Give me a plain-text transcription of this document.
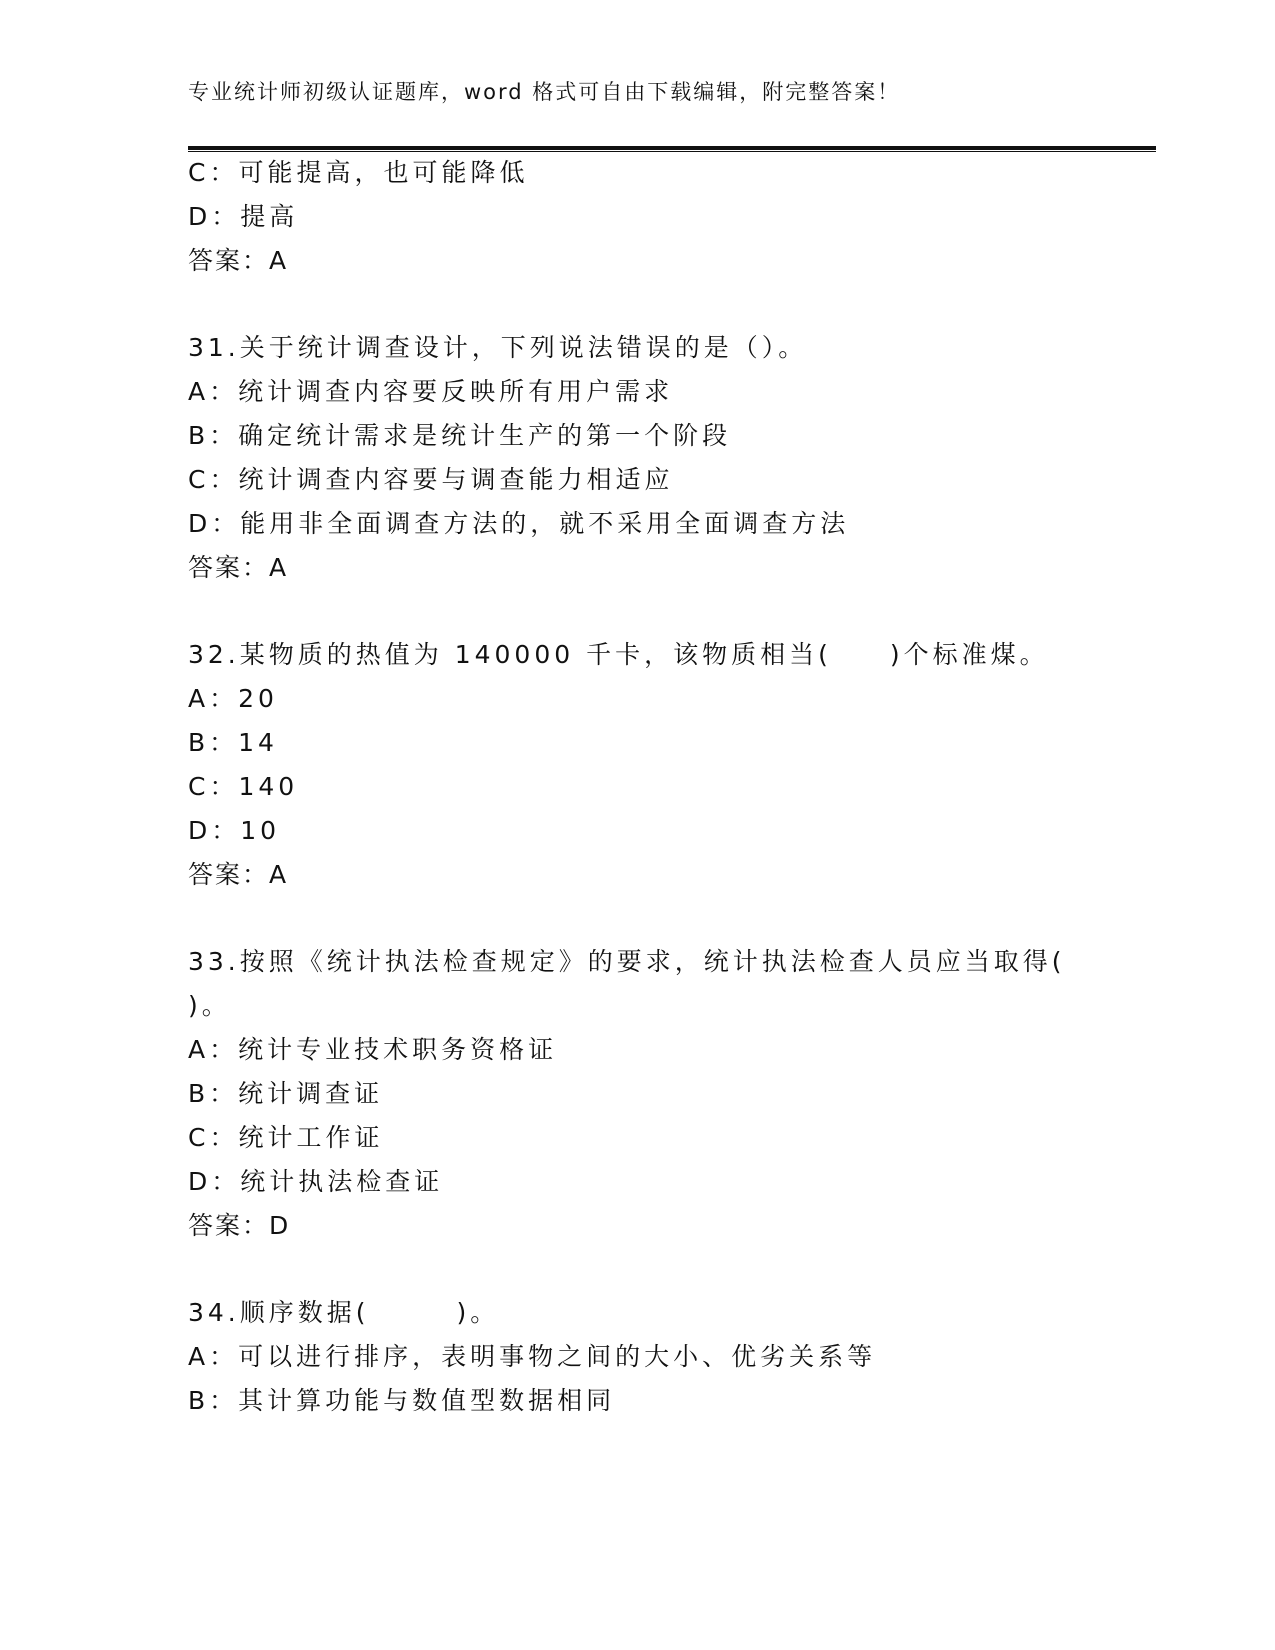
专业统计师初级认证题库，word 格式可自由下载编辑，附完整答案！
C：可能提高，也可能降低
D：提高
答案：A
31.关于统计调查设计，下列说法错误的是（）。
A：统计调查内容要反映所有用户需求
B：确定统计需求是统计生产的第一个阶段
C：统计调查内容要与调查能力相适应
D：能用非全面调查方法的，就不采用全面调查方法
答案：A
32.某物质的热值为 140000 千卡，该物质相当(　　)个标准煤。
A：20
B：14
C：140
D：10
答案：A
33.按照《统计执法检查规定》的要求，统计执法检查人员应当取得(
)。
A：统计专业技术职务资格证
B：统计调查证
C：统计工作证
D：统计执法检查证
答案：D
34.顺序数据(　　　)。
A：可以进行排序，表明事物之间的大小、优劣关系等
B：其计算功能与数值型数据相同
